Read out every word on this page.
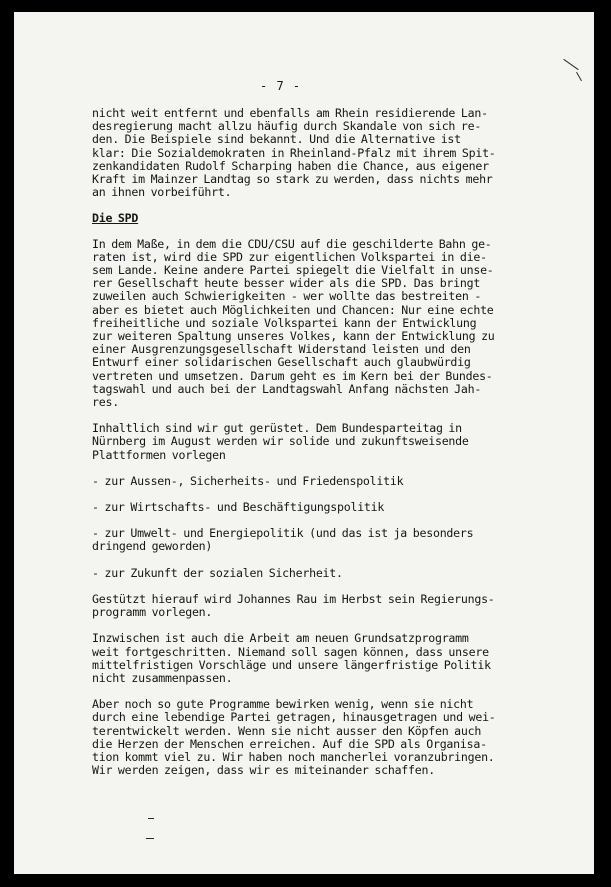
- 7 -

nicht weit entfernt und ebenfalls am Rhein residierende Lan-
desregierung macht allzu häufig durch Skandale von sich re-
den. Die Beispiele sind bekannt. Und die Alternative ist
klar: Die Sozialdemokraten in Rheinland-Pfalz mit ihrem Spit-
zenkandidaten Rudolf Scharping haben die Chance, aus eigener
Kraft im Mainzer Landtag so stark zu werden, dass nichts mehr
an ihnen vorbeiführt.

Die SPD

In dem Maße, in dem die CDU/CSU auf die geschilderte Bahn ge-
raten ist, wird die SPD zur eigentlichen Volkspartei in die-
sem Lande. Keine andere Partei spiegelt die Vielfalt in unse-
rer Gesellschaft heute besser wider als die SPD. Das bringt
zuweilen auch Schwierigkeiten - wer wollte das bestreiten -
aber es bietet auch Möglichkeiten und Chancen: Nur eine echte
freiheitliche und soziale Volkspartei kann der Entwicklung
zur weiteren Spaltung unseres Volkes, kann der Entwicklung zu
einer Ausgrenzungsgesellschaft Widerstand leisten und den
Entwurf einer solidarischen Gesellschaft auch glaubwürdig
vertreten und umsetzen. Darum geht es im Kern bei der Bundes-
tagswahl und auch bei der Landtagswahl Anfang nächsten Jah-
res.

Inhaltlich sind wir gut gerüstet. Dem Bundesparteitag in
Nürnberg im August werden wir solide und zukunftsweisende
Plattformen vorlegen

- zur Aussen-, Sicherheits- und Friedenspolitik
- zur Wirtschafts- und Beschäftigungspolitik
- zur Umwelt- und Energiepolitik (und das ist ja besonders
dringend geworden)
- zur Zukunft der sozialen Sicherheit.

Gestützt hierauf wird Johannes Rau im Herbst sein Regierungs-
programm vorlegen.

Inzwischen ist auch die Arbeit am neuen Grundsatzprogramm
weit fortgeschritten. Niemand soll sagen können, dass unsere
mittelfristigen Vorschläge und unsere längerfristige Politik
nicht zusammenpassen.

Aber noch so gute Programme bewirken wenig, wenn sie nicht
durch eine lebendige Partei getragen, hinausgetragen und wei-
terentwickelt werden. Wenn sie nicht ausser den Köpfen auch
die Herzen der Menschen erreichen. Auf die SPD als Organisa-
tion kommt viel zu. Wir haben noch mancherlei voranzubringen.
Wir werden zeigen, dass wir es miteinander schaffen.
